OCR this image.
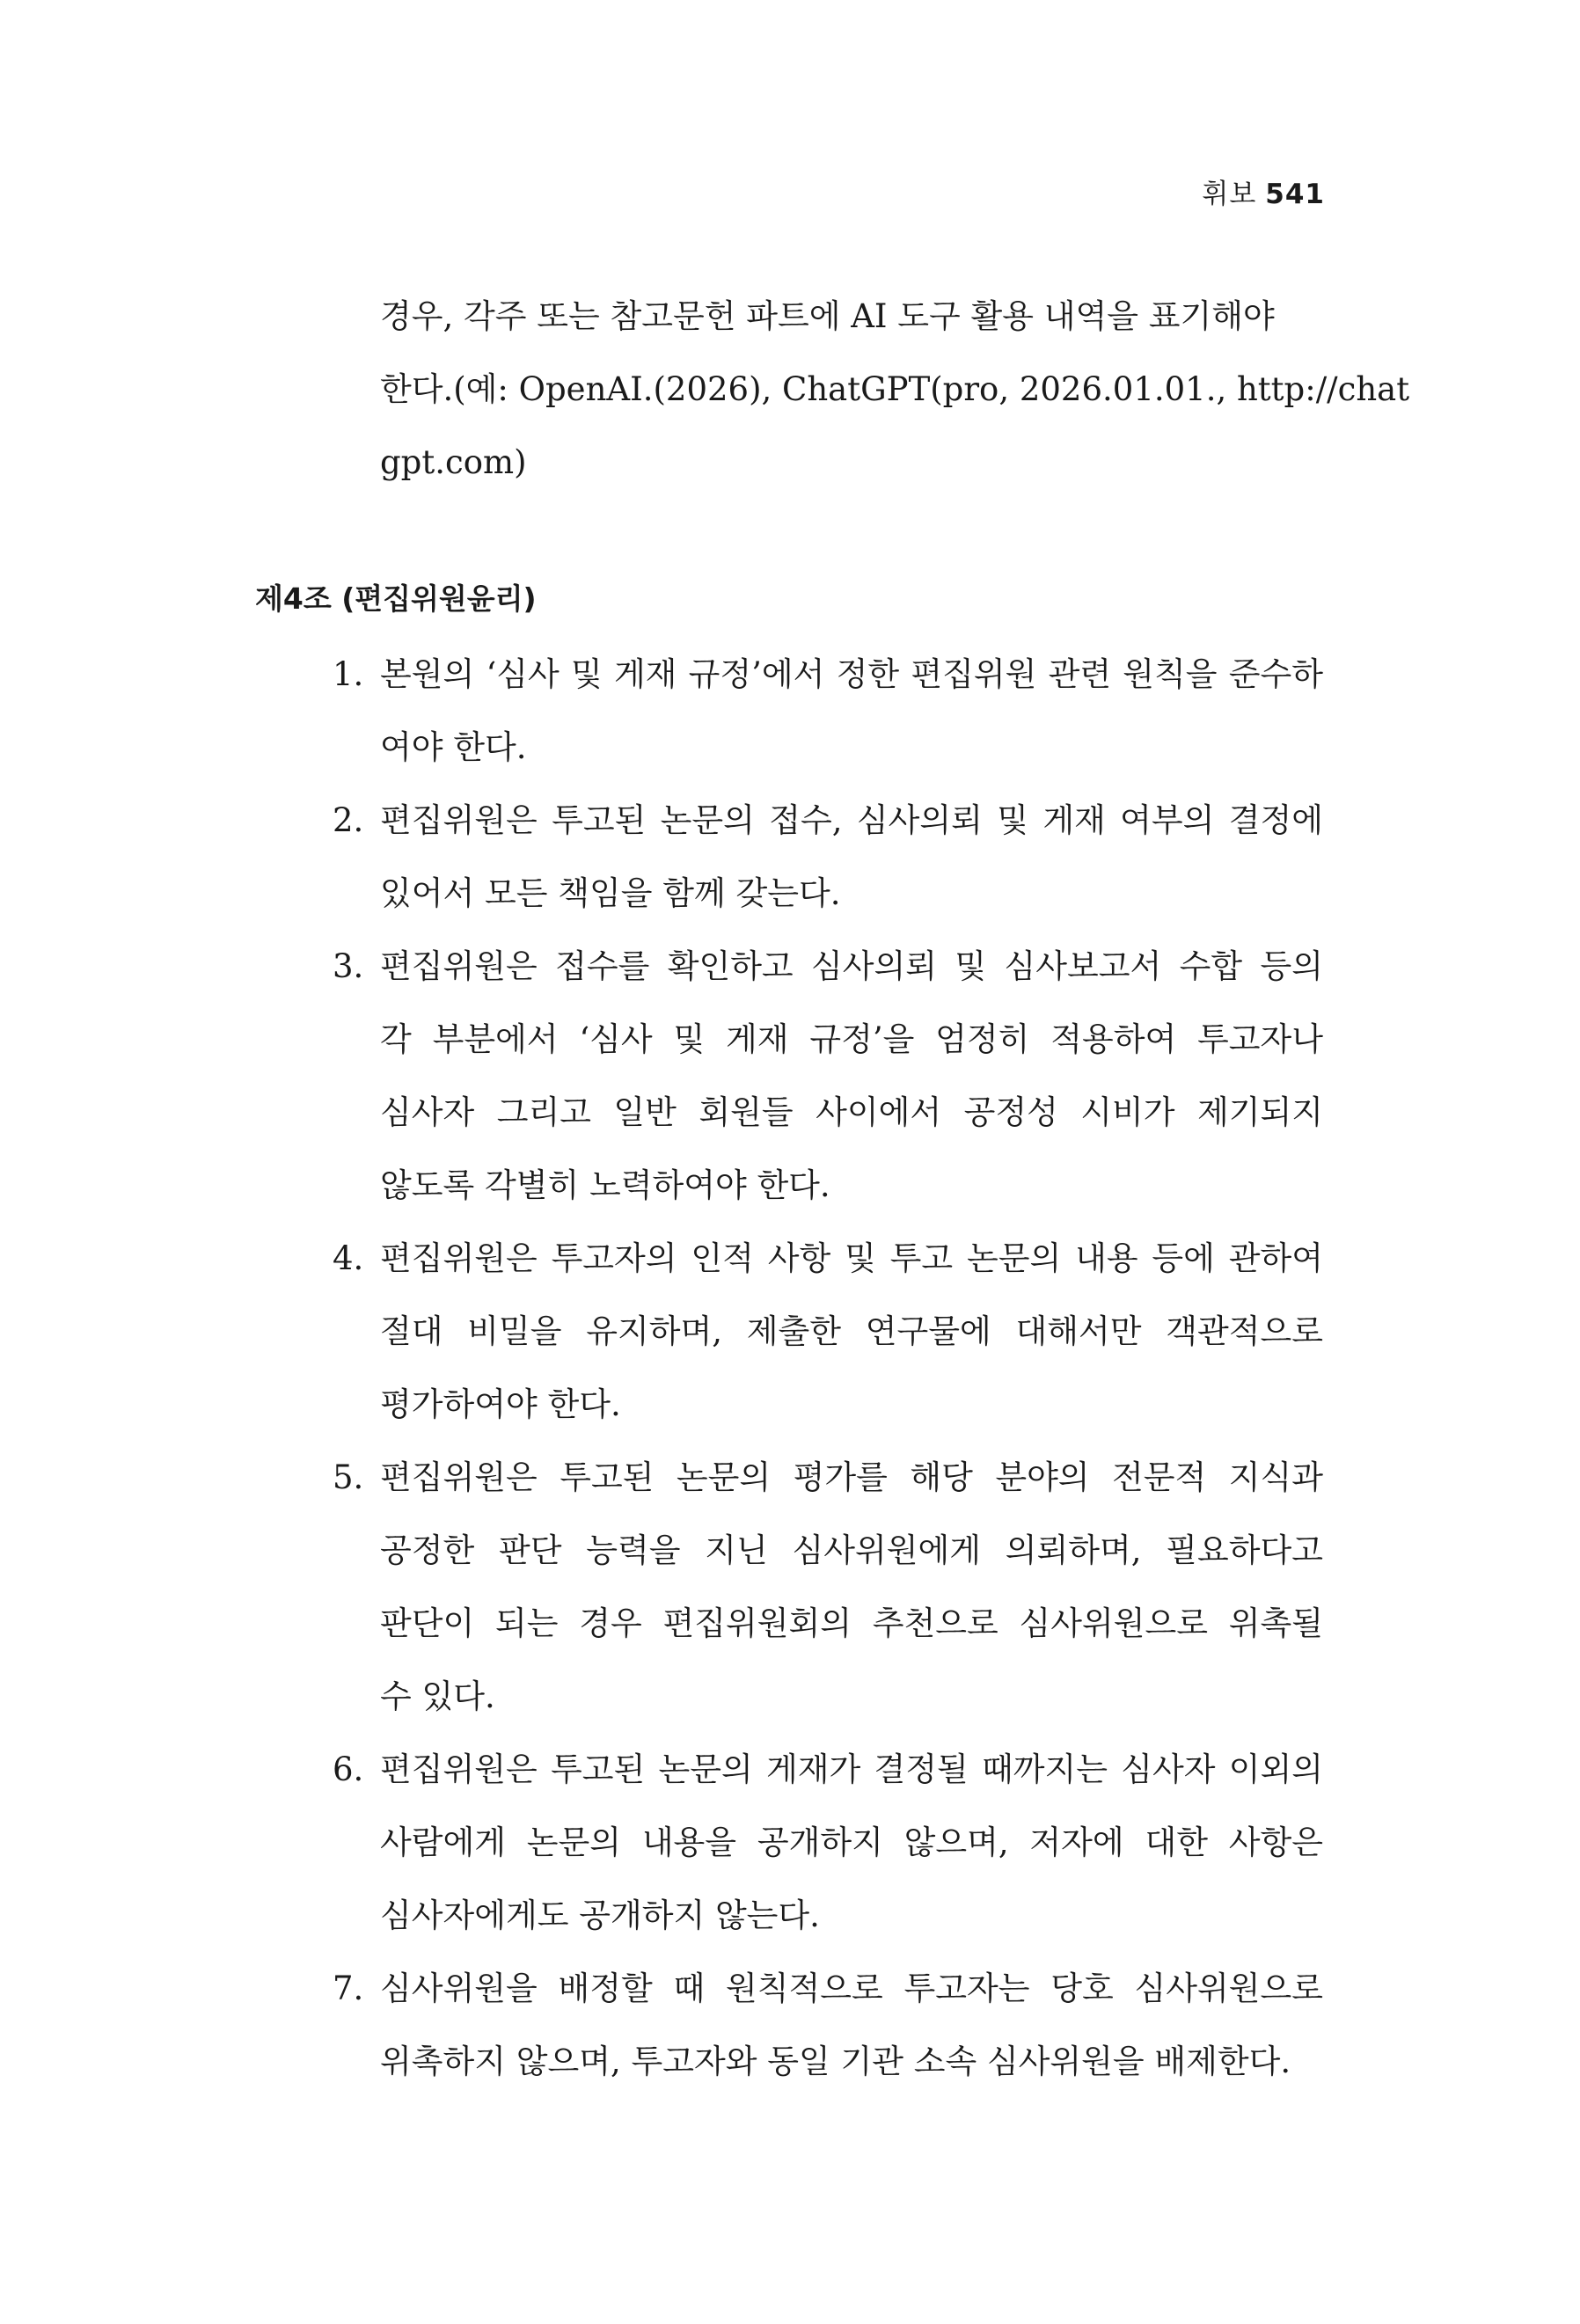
휘보 541
경우, 각주 또는 참고문헌 파트에 AI 도구 활용 내역을 표기해야
한다.(예: OpenAI.(2026), ChatGPT(pro, 2026.01.01., http://chat
gpt.com)
제4조 (편집위원윤리)
1. 본원의 ‘심사 및 게재 규정’에서 정한 편집위원 관련 원칙을 준수하
여야 한다.
2. 편집위원은 투고된 논문의 접수, 심사의뢰 및 게재 여부의 결정에
있어서 모든 책임을 함께 갖는다.
3. 편집위원은 접수를 확인하고 심사의뢰 및 심사보고서 수합 등의
각 부분에서 ‘심사 및 게재 규정’을 엄정히 적용하여 투고자나
심사자 그리고 일반 회원들 사이에서 공정성 시비가 제기되지
않도록 각별히 노력하여야 한다.
4. 편집위원은 투고자의 인적 사항 및 투고 논문의 내용 등에 관하여
절대 비밀을 유지하며, 제출한 연구물에 대해서만 객관적으로
평가하여야 한다.
5. 편집위원은 투고된 논문의 평가를 해당 분야의 전문적 지식과
공정한 판단 능력을 지닌 심사위원에게 의뢰하며, 필요하다고
판단이 되는 경우 편집위원회의 추천으로 심사위원으로 위촉될
수 있다.
6. 편집위원은 투고된 논문의 게재가 결정될 때까지는 심사자 이외의
사람에게 논문의 내용을 공개하지 않으며, 저자에 대한 사항은
심사자에게도 공개하지 않는다.
7. 심사위원을 배정할 때 원칙적으로 투고자는 당호 심사위원으로
위촉하지 않으며, 투고자와 동일 기관 소속 심사위원을 배제한다.
